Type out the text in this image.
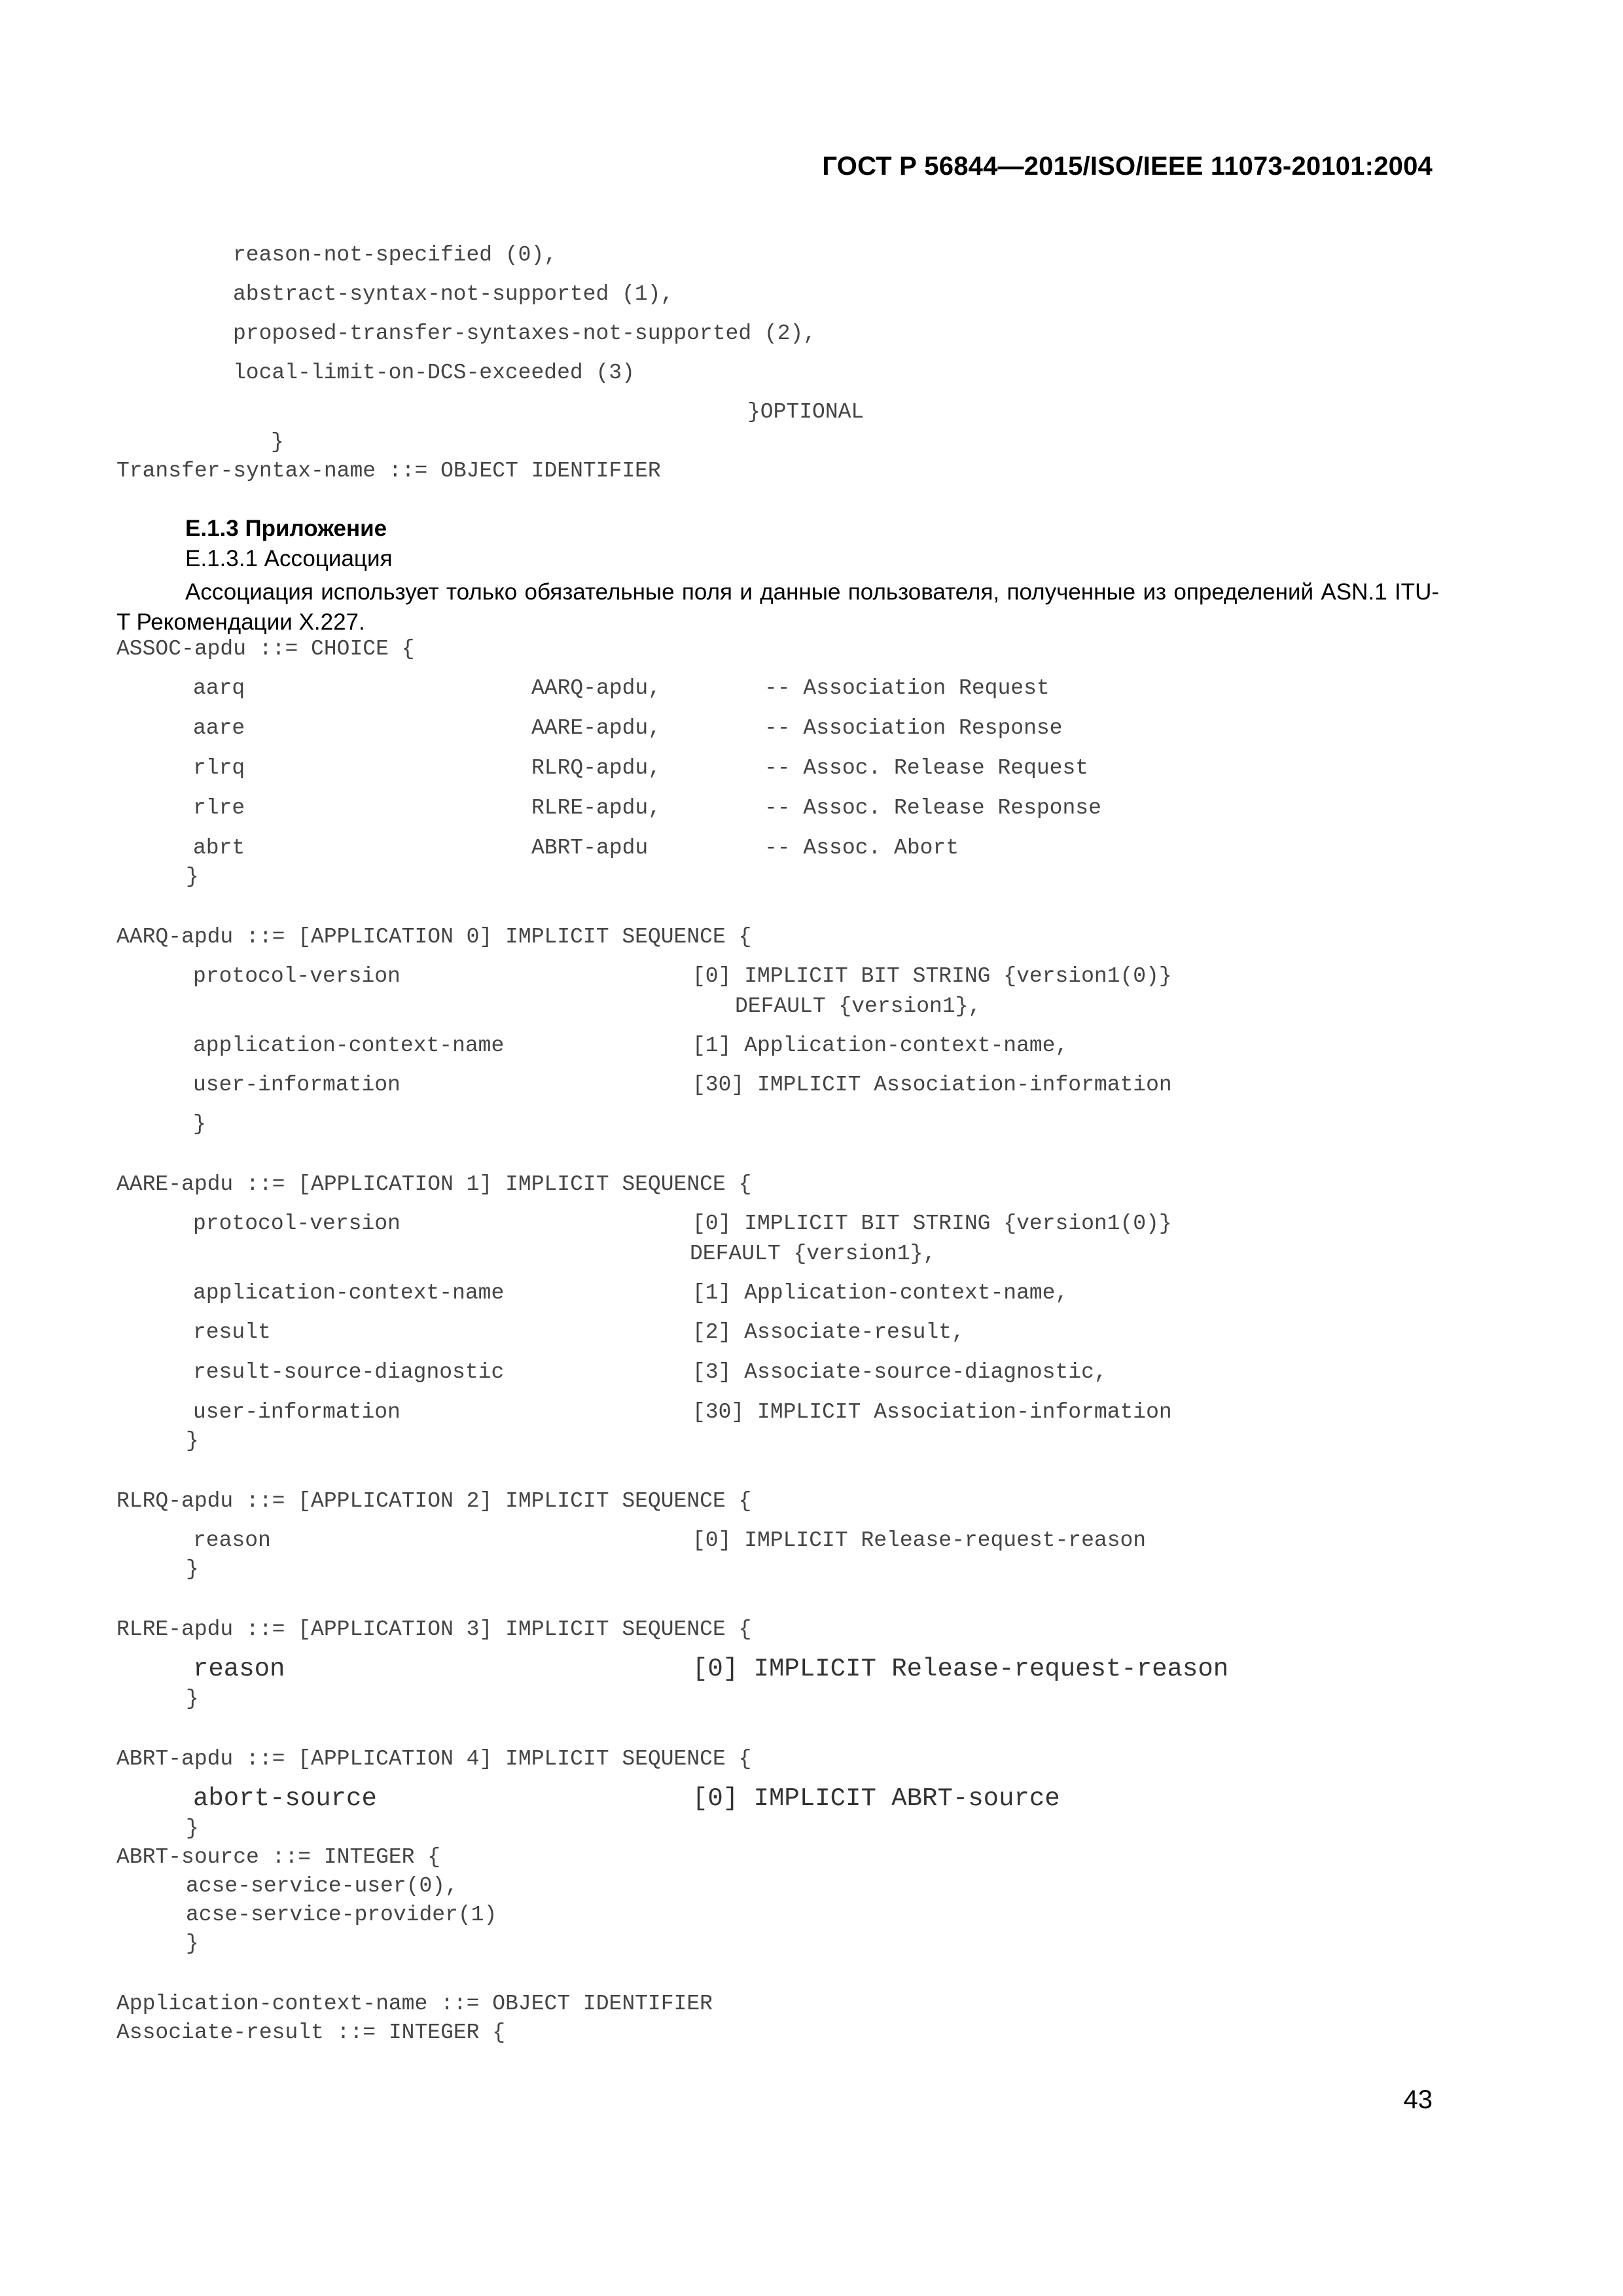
ГОСТ Р 56844—2015/ISO/IEEE 11073-20101:2004
reason-not-specified (0),
abstract-syntax-not-supported (1),
proposed-transfer-syntaxes-not-supported (2),
local-limit-on-DCS-exceeded (3)
}OPTIONAL
}
Transfer-syntax-name ::= OBJECT IDENTIFIER
E.1.3 Приложение
E.1.3.1 Ассоциация
Ассоциация использует только обязательные поля и данные пользователя, полученные из определений ASN.1 ITU-T Рекомендации X.227.
ASSOC-apdu ::= CHOICE {
aarq	AARQ-apdu,	-- Association Request
aare	AARE-apdu,	-- Association Response
rlrq	RLRQ-apdu,	-- Assoc. Release Request
rlre	RLRE-apdu,	-- Assoc. Release Response
abrt	ABRT-apdu	-- Assoc. Abort
}
AARQ-apdu ::= [APPLICATION 0] IMPLICIT SEQUENCE {
protocol-version	[0] IMPLICIT BIT STRING {version1(0)}
DEFAULT {version1},
application-context-name	[1] Application-context-name,
user-information	[30] IMPLICIT Association-information
}
AARE-apdu ::= [APPLICATION 1] IMPLICIT SEQUENCE {
protocol-version	[0] IMPLICIT BIT STRING {version1(0)}
DEFAULT {version1},
application-context-name	[1] Application-context-name,
result	[2] Associate-result,
result-source-diagnostic	[3] Associate-source-diagnostic,
user-information	[30] IMPLICIT Association-information
}
RLRQ-apdu ::= [APPLICATION 2] IMPLICIT SEQUENCE {
reason	[0] IMPLICIT Release-request-reason
}
RLRE-apdu ::= [APPLICATION 3] IMPLICIT SEQUENCE {
reason	[0] IMPLICIT Release-request-reason
}
ABRT-apdu ::= [APPLICATION 4] IMPLICIT SEQUENCE {
abort-source	[0] IMPLICIT ABRT-source
}
ABRT-source ::= INTEGER {
acse-service-user(0),
acse-service-provider(1)
}
Application-context-name ::= OBJECT IDENTIFIER
Associate-result ::= INTEGER {
43
